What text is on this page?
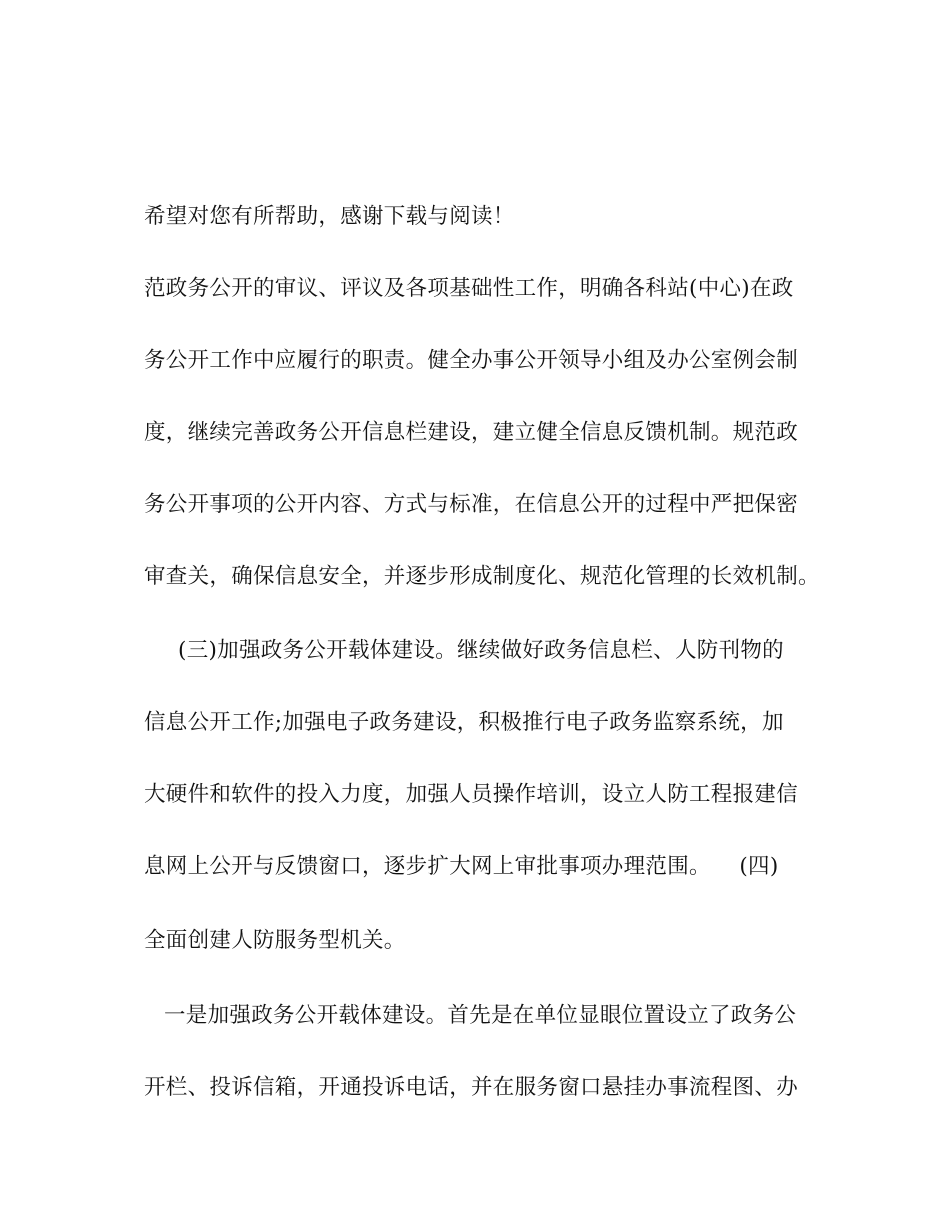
希望对您有所帮助，感谢下载与阅读！
范政务公开的审议、评议及各项基础性工作，明确各科站(中心)在政
务公开工作中应履行的职责。健全办事公开领导小组及办公室例会制
度，继续完善政务公开信息栏建设，建立健全信息反馈机制。规范政
务公开事项的公开内容、方式与标准，在信息公开的过程中严把保密
审查关，确保信息安全，并逐步形成制度化、规范化管理的长效机制。
(三)加强政务公开载体建设。继续做好政务信息栏、人防刊物的
信息公开工作;加强电子政务建设，积极推行电子政务监察系统，加
大硬件和软件的投入力度，加强人员操作培训，设立人防工程报建信
息网上公开与反馈窗口，逐步扩大网上审批事项办理范围。    (四)
全面创建人防服务型机关。
一是加强政务公开载体建设。首先是在单位显眼位置设立了政务公
开栏、投诉信箱，开通投诉电话，并在服务窗口悬挂办事流程图、办
